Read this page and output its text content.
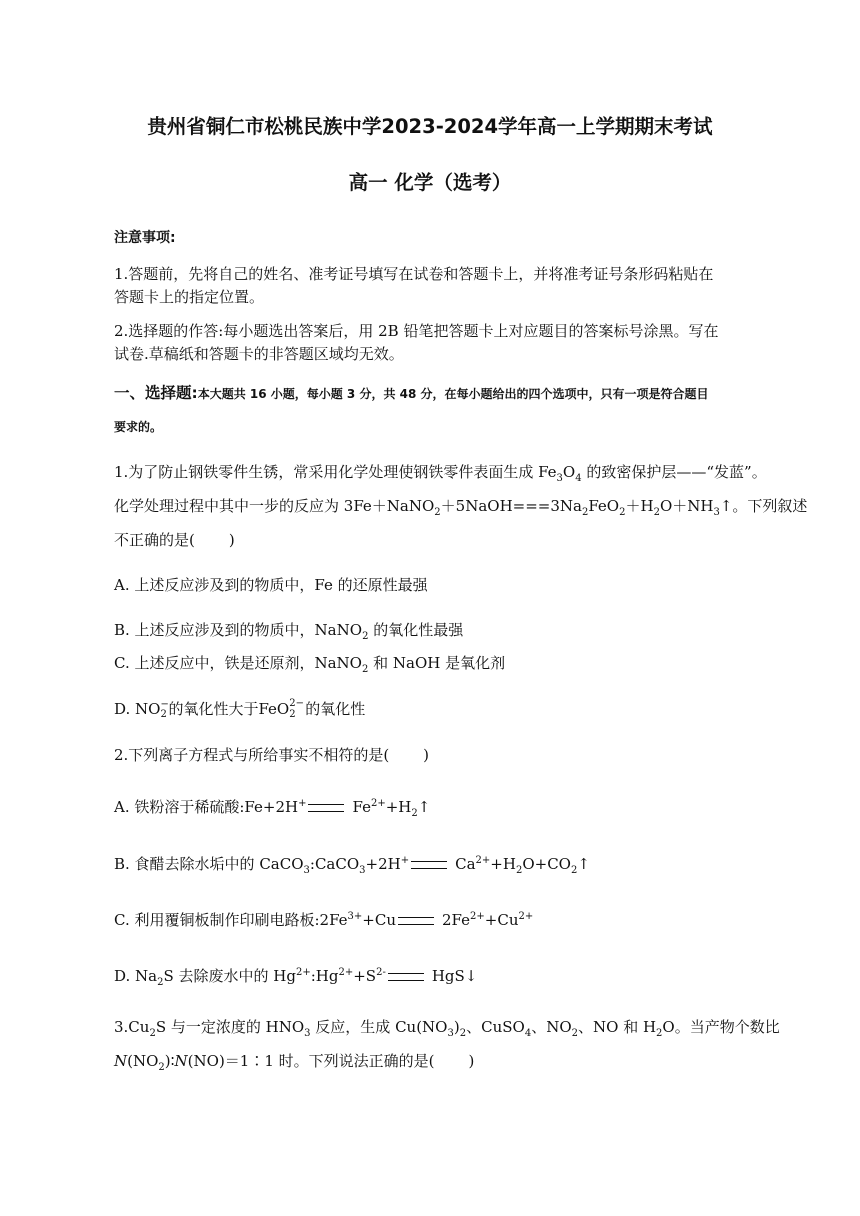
贵州省铜仁市松桃民族中学2023-2024学年高一上学期期末考试
高一 化学（选考）
注意事项:
1.答题前，先将自己的姓名、准考证号填写在试卷和答题卡上，并将准考证号条形码粘贴在
答题卡上的指定位置。
2.选择题的作答:每小题选出答案后，用 2B 铅笔把答题卡上对应题目的答案标号涂黑。写在
试卷.草稿纸和答题卡的非答题区域均无效。
一、选择题:本大题共 16 小题，每小题 3 分，共 48 分，在每小题给出的四个选项中，只有一项是符合题目
要求的。
1.为了防止钢铁零件生锈，常采用化学处理使钢铁零件表面生成 $Fe_3O_4$ 的致密保护层——“发蓝”。
化学处理过程中其中一步的反应为 $3Fe+NaNO_2+5NaOH===3Na_2FeO_2+H_2O+NH_3↑$。下列叙述
不正确的是( )
A. 上述反应涉及到的物质中，Fe 的还原性最强
B. 上述反应涉及到的物质中，NaNO$_2$ 的氧化性最强
C. 上述反应中，铁是还原剂，NaNO$_2$ 和 NaOH 是氧化剂
D. NO −
2 的氧化性大于FeO 2−
2 的氧化性
2.下列离子方程式与所给事实不相符的是( )
A. 铁粉溶于稀硫酸:Fe+2H+	$Fe^{2+}+H_2↑$
B. 食醋去除水垢中的 CaCO$_3$:CaCO$_3$+2H+	$Ca^{2+}+H_2O+CO_2↑$
C. 利用覆铜板制作印刷电路板$:2Fe^{3+}+Cu$	$2Fe^{2+}+Cu^{2+}$
D. $Na_2S$ 去除废水中的 $Hg^{2+}:Hg^{2+}+S^{2-}$	HgS↓
$3.Cu_2S$ 与一定浓度的 $HNO_3$ 反应，生成 $Cu(NO_3)_2$、CuSO$_4$、$NO_2$、NO 和 $H_2O$。当产物个数比
$N(NO_2)∶N(NO)=1∶1$ 时。下列说法正确的是( )
